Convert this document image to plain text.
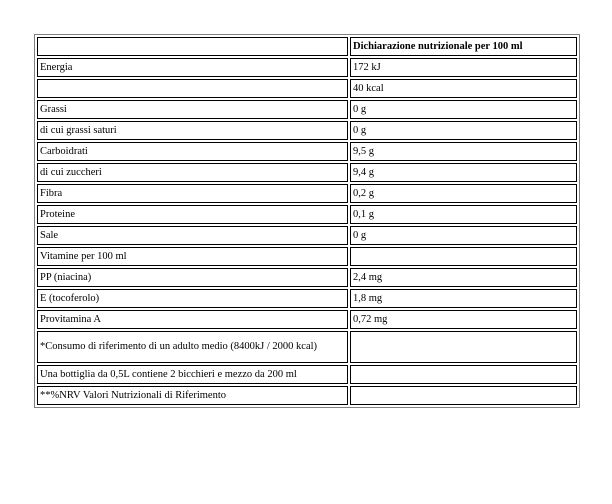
	Dichiarazione nutrizionale per 100 ml
Energia	172 kJ
	40 kcal
Grassi	0 g
di cui grassi saturi	0 g
Carboidrati	9,5 g
di cui zuccheri	9,4 g
Fibra	0,2 g
Proteine	0,1 g
Sale	0 g
Vitamine per 100 ml	
PP (niacina)	2,4 mg
E (tocoferolo)	1,8 mg
Provitamina A	0,72 mg
*Consumo di riferimento di un adulto medio (8400kJ / 2000 kcal)	
Una bottiglia da 0,5L contiene 2 bicchieri e mezzo da 200 ml	
**%NRV Valori Nutrizionali di Riferimento	
